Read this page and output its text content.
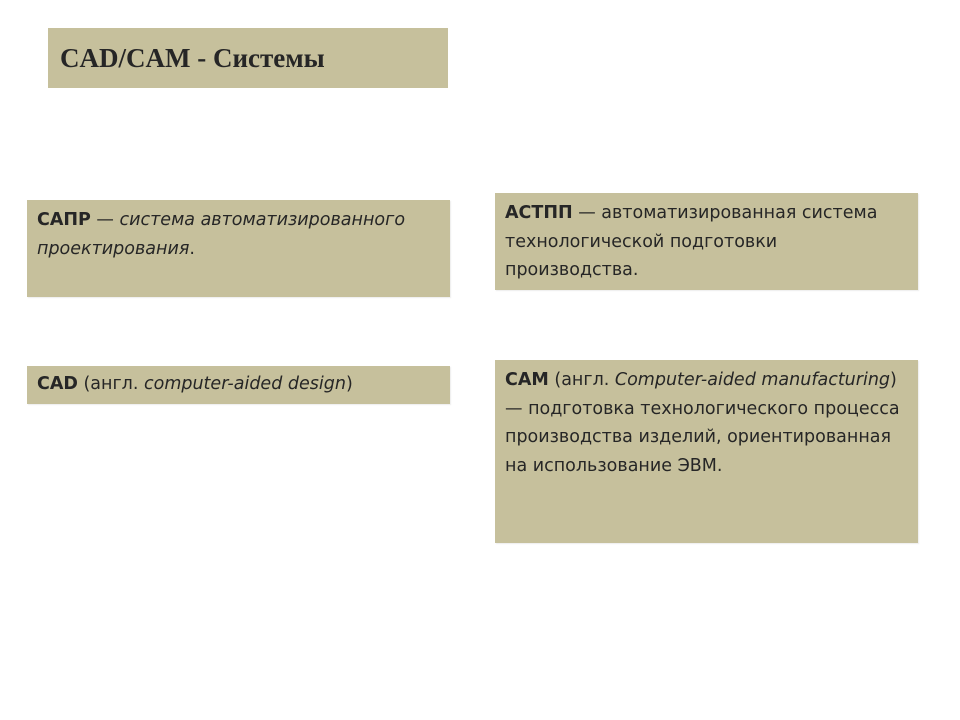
CAD/CAM - Системы
САПР — система автоматизированного проектирования.
АСТПП — автоматизированная система технологической подготовки производства.
CAD (англ. computer-aided design)	CAM (англ. Computer-aided manufacturing) — подготовка технологического процесса производства изделий, ориентированная на использование ЭВМ.
